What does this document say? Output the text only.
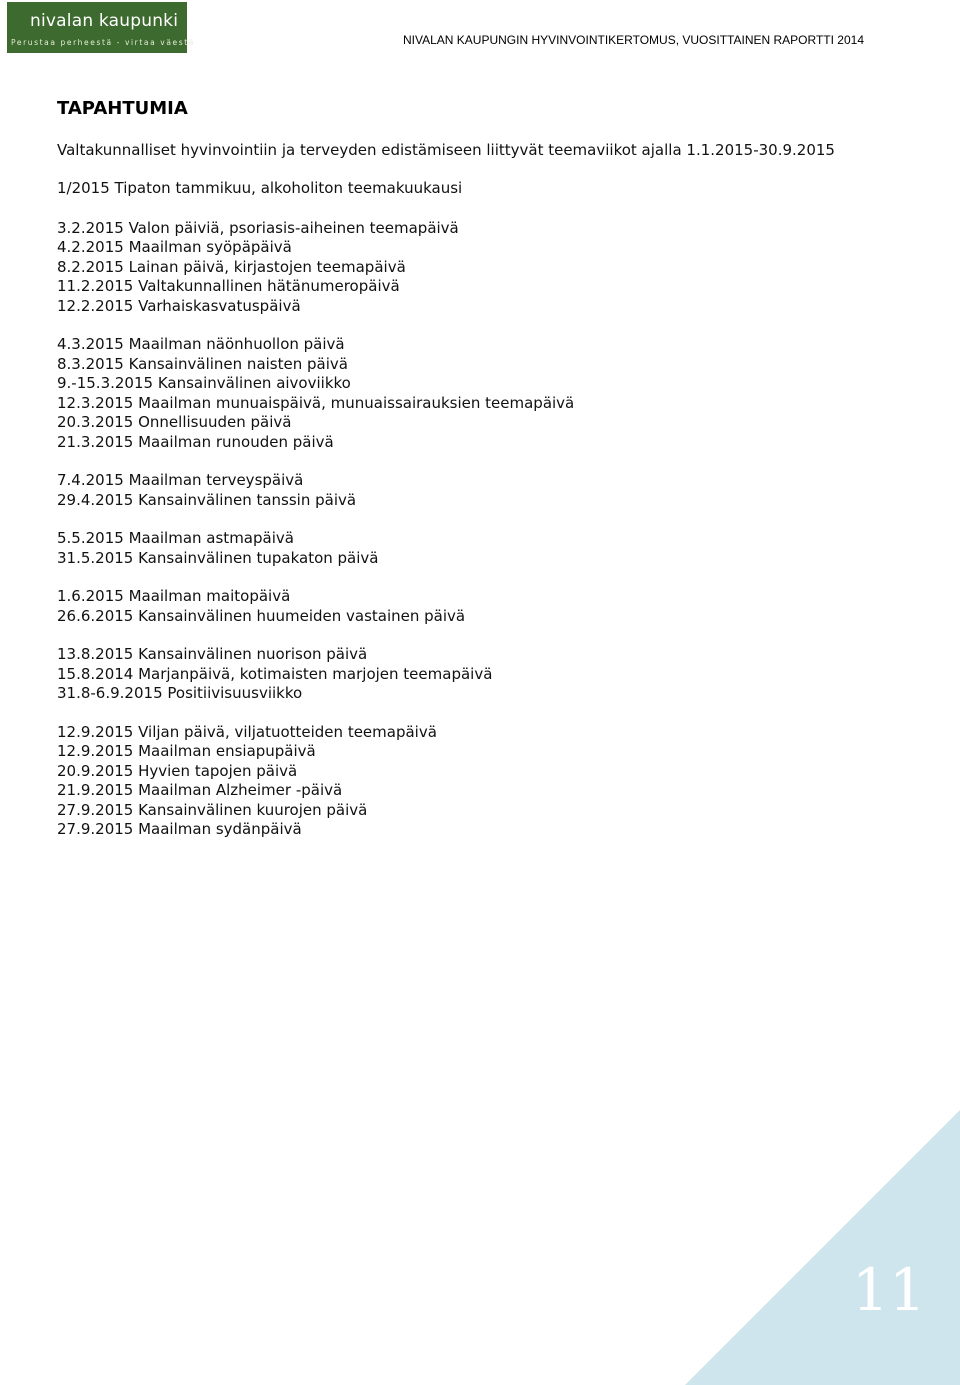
nivalan kaupunki
Perustaa perheestä - virtaa väestä	NIVALAN KAUPUNGIN HYVINVOINTIKERTOMUS, VUOSITTAINEN RAPORTTI 2014
TAPAHTUMIA
Valtakunnalliset hyvinvointiin ja terveyden edistämiseen liittyvät teemaviikot ajalla 1.1.2015-30.9.2015
1/2015 Tipaton tammikuu, alkoholiton teemakuukausi
3.2.2015 Valon päiviä, psoriasis-aiheinen teemapäivä
4.2.2015 Maailman syöpäpäivä
8.2.2015 Lainan päivä, kirjastojen teemapäivä
11.2.2015 Valtakunnallinen hätänumeropäivä
12.2.2015 Varhaiskasvatuspäivä
4.3.2015 Maailman näönhuollon päivä
8.3.2015 Kansainvälinen naisten päivä
9.-15.3.2015 Kansainvälinen aivoviikko
12.3.2015 Maailman munuaispäivä, munuaissairauksien teemapäivä
20.3.2015 Onnellisuuden päivä
21.3.2015 Maailman runouden päivä
7.4.2015 Maailman terveyspäivä
29.4.2015 Kansainvälinen tanssin päivä
5.5.2015 Maailman astmapäivä
31.5.2015 Kansainvälinen tupakaton päivä
1.6.2015 Maailman maitopäivä
26.6.2015 Kansainvälinen huumeiden vastainen päivä
13.8.2015 Kansainvälinen nuorison päivä
15.8.2014 Marjanpäivä, kotimaisten marjojen teemapäivä
31.8-6.9.2015 Positiivisuusviikko
12.9.2015 Viljan päivä, viljatuotteiden teemapäivä
12.9.2015 Maailman ensiapupäivä
20.9.2015 Hyvien tapojen päivä
21.9.2015 Maailman Alzheimer -päivä
27.9.2015 Kansainvälinen kuurojen päivä
27.9.2015 Maailman sydänpäivä
11
